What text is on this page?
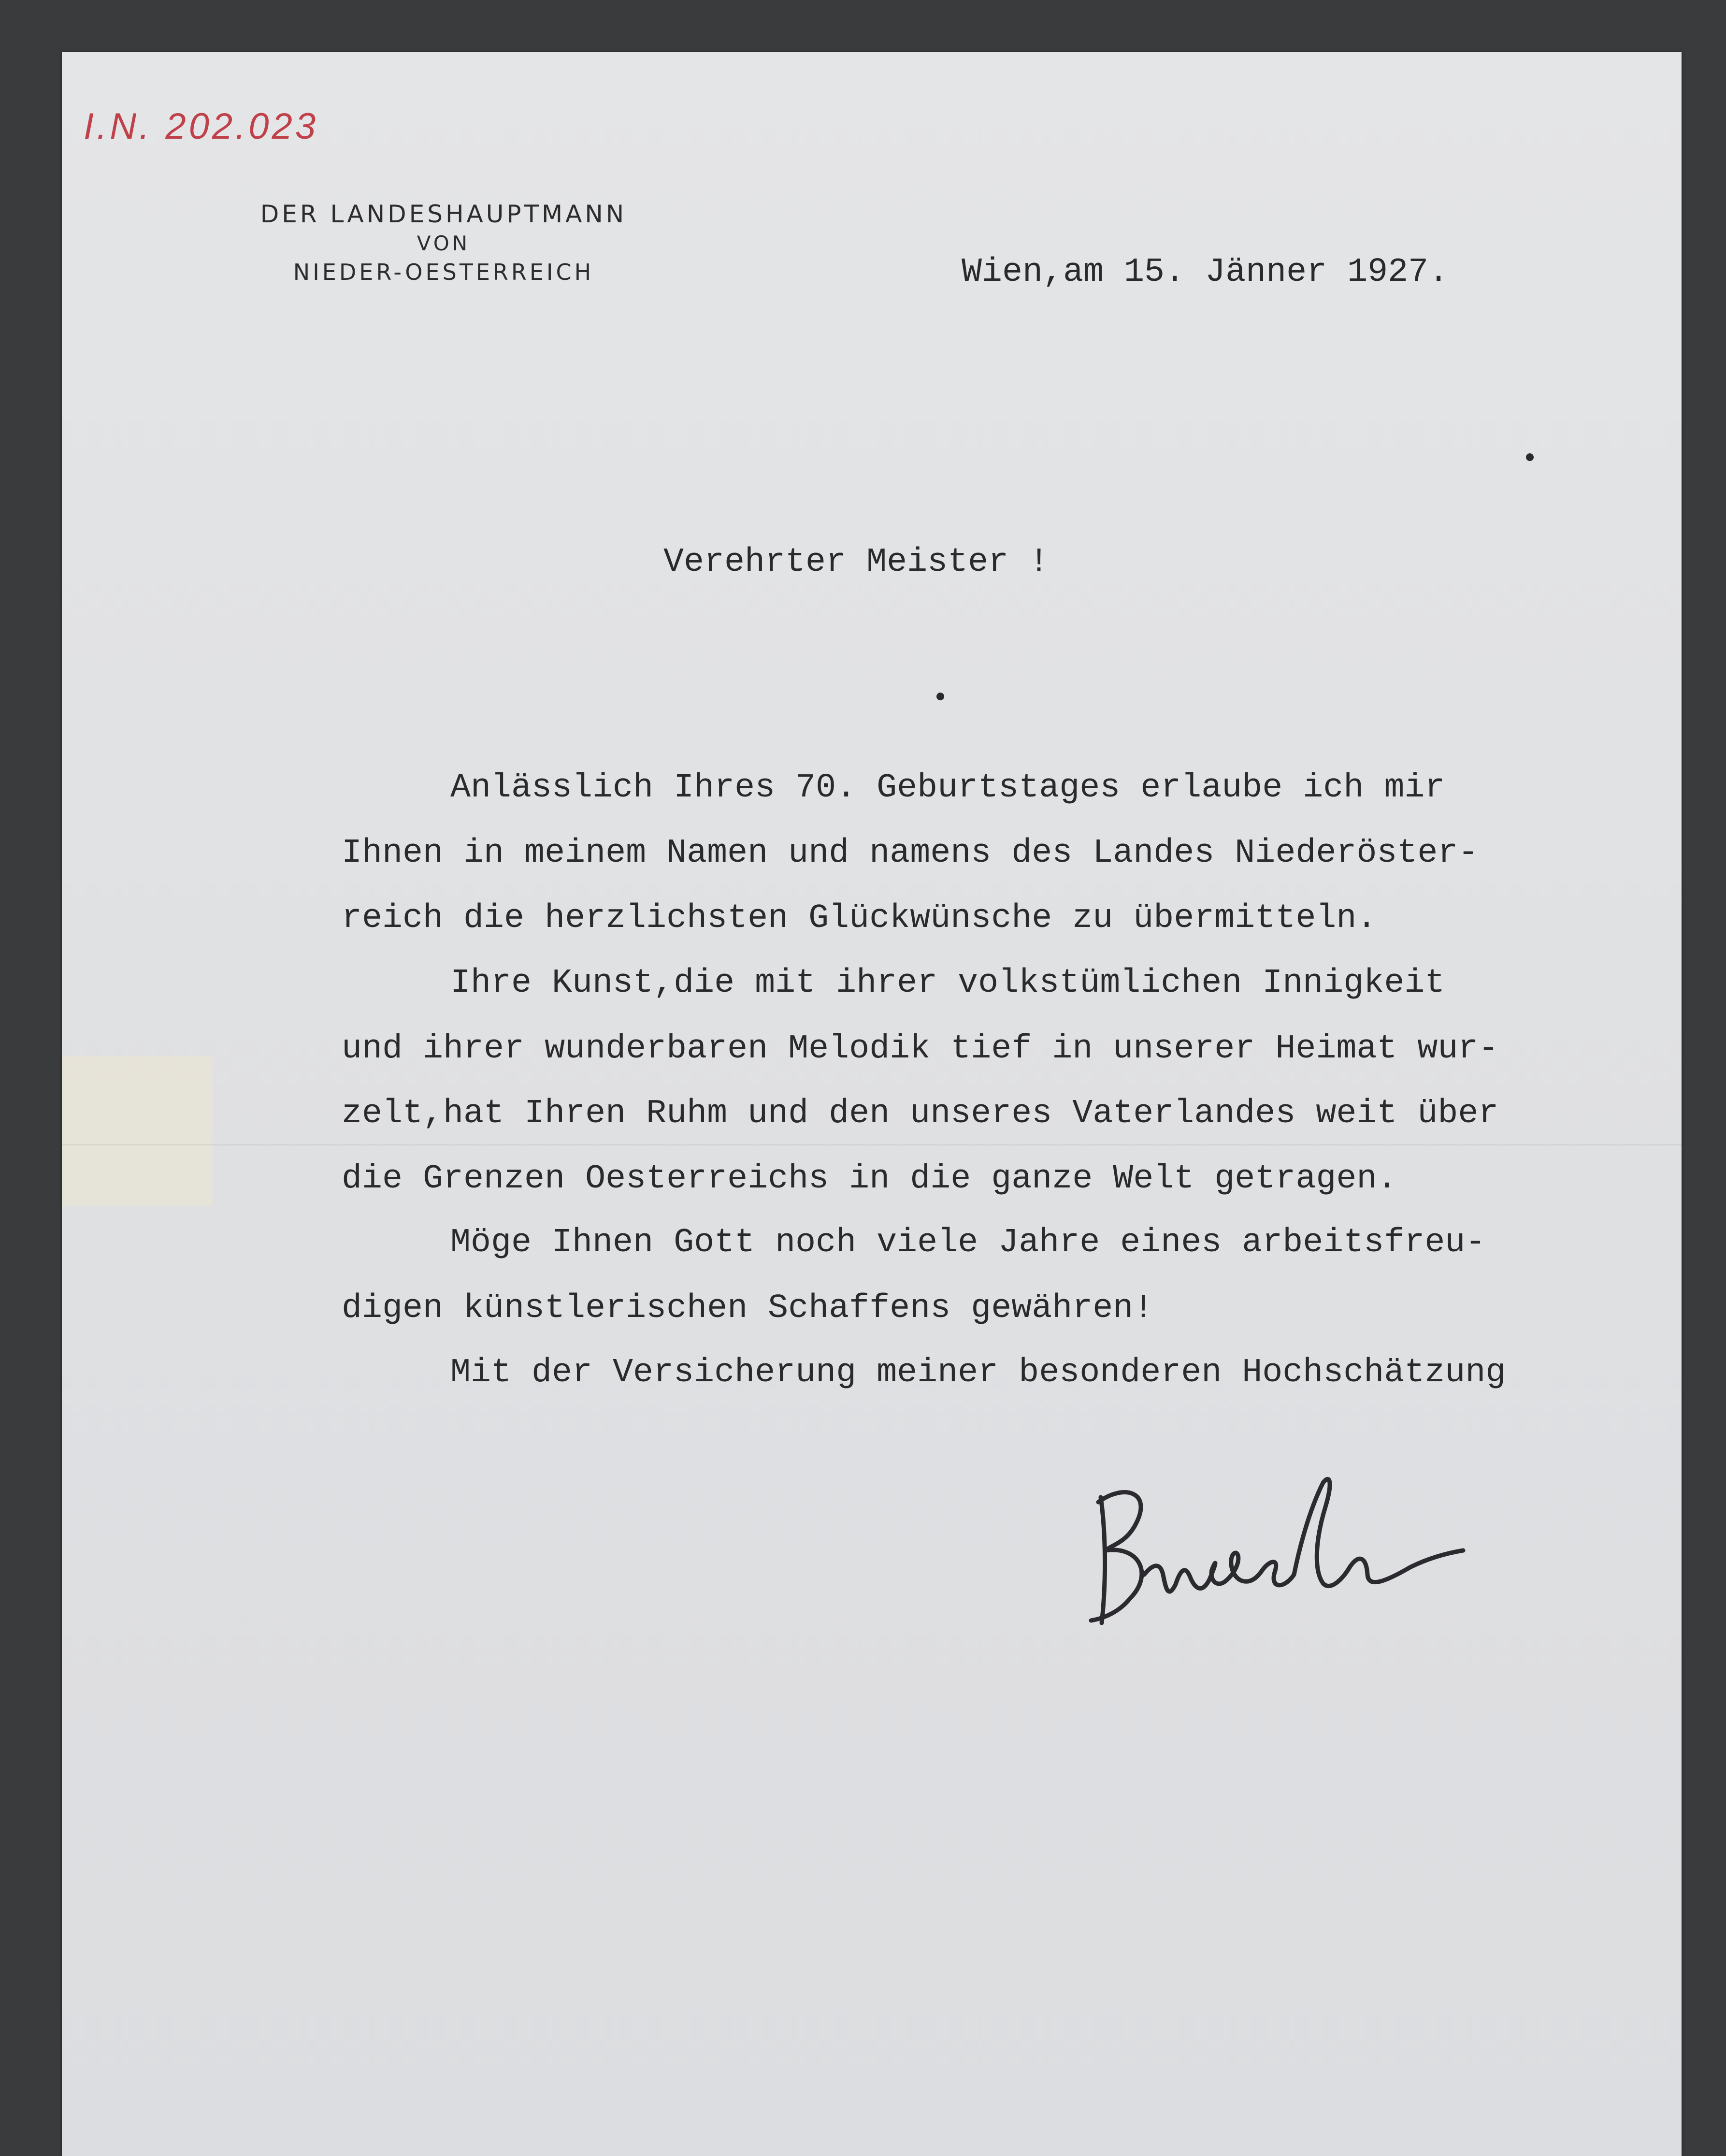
I.N. 202.023
DER LANDESHAUPTMANN
VON
NIEDER-OESTERREICH	Wien,am 15. Jänner 1927.
Verehrter Meister !
Anlässlich Ihres 70. Geburtstages erlaube ich mir
Ihnen in meinem Namen und namens des Landes Niederöster-
reich die herzlichsten Glückwünsche zu übermitteln.
Ihre Kunst,die mit ihrer volkstümlichen Innigkeit
und ihrer wunderbaren Melodik tief in unserer Heimat wur-
zelt,hat Ihren Ruhm und den unseres Vaterlandes weit über
die Grenzen Oesterreichs in die ganze Welt getragen.
Möge Ihnen Gott noch viele Jahre eines arbeitsfreu-
digen künstlerischen Schaffens gewähren!
Mit der Versicherung meiner besonderen Hochschätzung
